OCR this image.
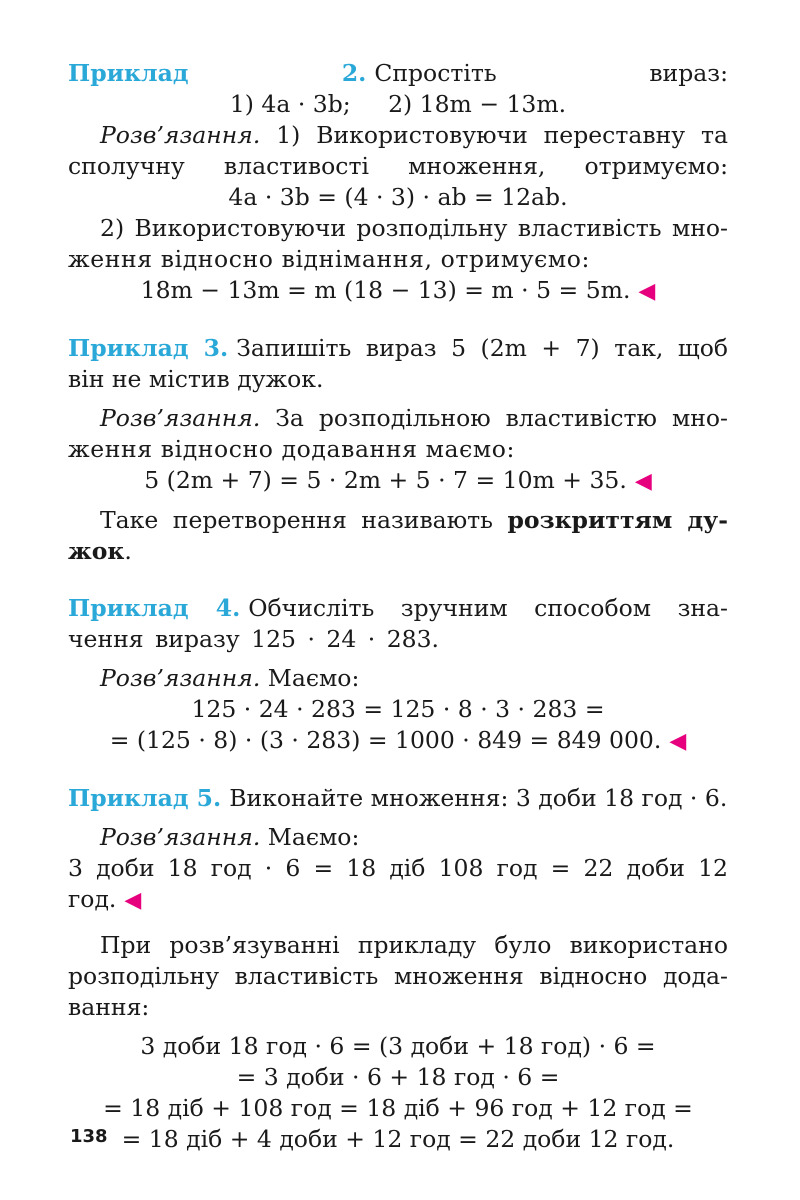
Приклад 2. Спростіть вираз:

1) 4a · 3b;     2) 18m − 13m.

Розв’язання. 1) Використовуючи переставну та

сполучну властивості множення, отримуємо:

4a · 3b = (4 · 3) · ab = 12ab.

2) Використовуючи розподільну властивість мно-

ження відносно віднімання, отримуємо:

18m − 13m = m (18 − 13) = m · 5 = 5m. ◀

Приклад 3. Запишіть вираз 5 (2m + 7) так, щоб

він не містив дужок.

Розв’язання. За розподільною властивістю мно-

ження відносно додавання маємо:

5 (2m + 7) = 5 · 2m + 5 · 7 = 10m + 35. ◀

Таке перетворення називають розкриттям ду-

жок.

Приклад 4. Обчисліть зручним способом зна-

чення виразу 125 · 24 · 283.

Розв’язання. Маємо:

125 · 24 · 283 = 125 · 8 · 3 · 283 =

= (125 · 8) · (3 · 283) = 1000 · 849 = 849 000. ◀

Приклад 5. Виконайте множення: 3 доби 18 год · 6.

Розв’язання. Маємо:

3 доби 18 год · 6 = 18 діб 108 год = 22 доби 12 год. ◀

При розв’язуванні прикладу було використано

розподільну властивість множення відносно дода-

вання:

3 доби 18 год · 6 = (3 доби + 18 год) · 6 =

= 3 доби · 6 + 18 год · 6 =

= 18 діб + 108 год = 18 діб + 96 год + 12 год =

= 18 діб + 4 доби + 12 год = 22 доби 12 год.

138
